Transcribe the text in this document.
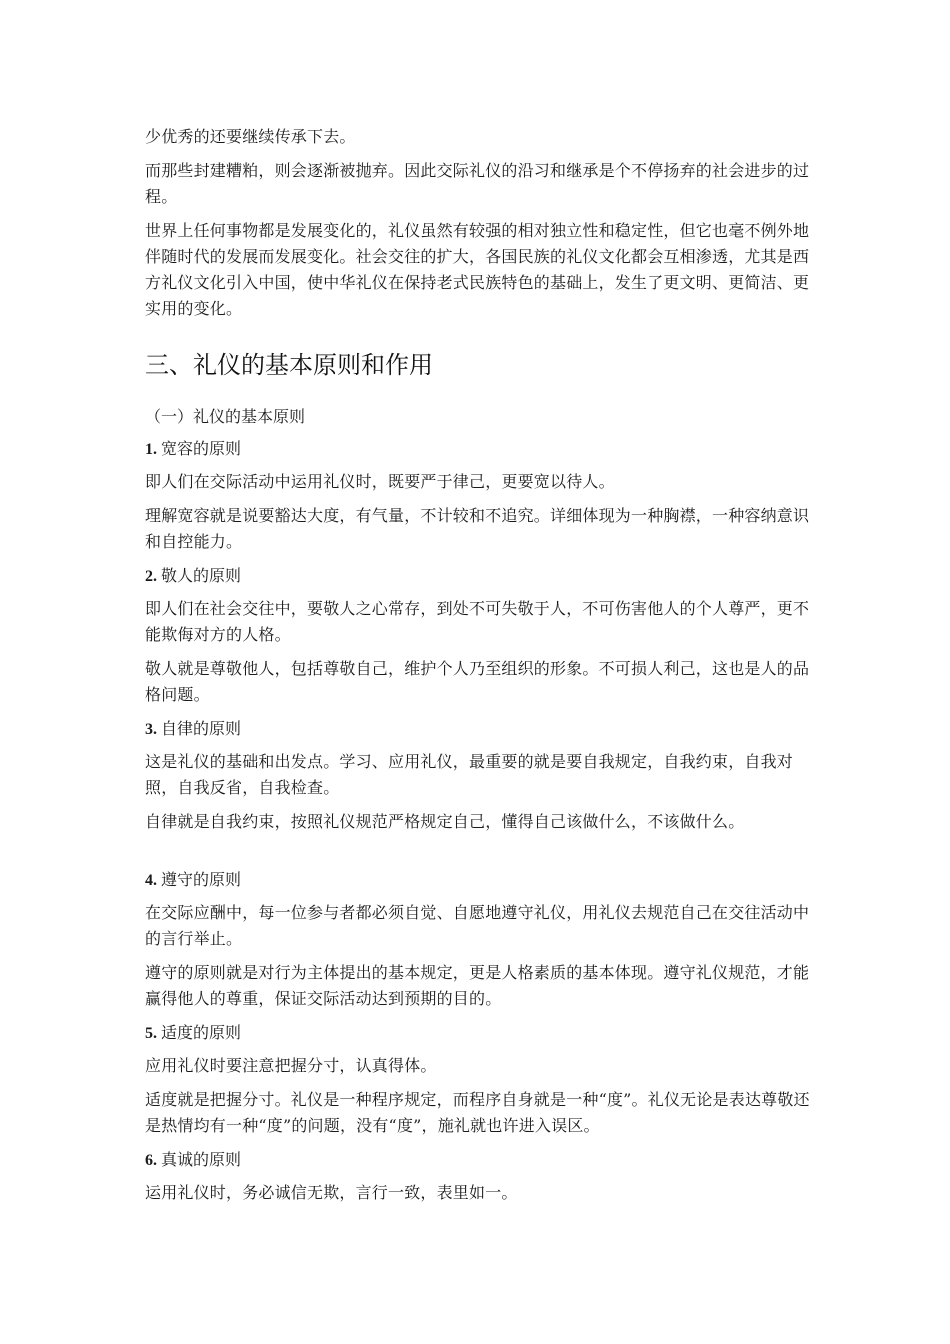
少优秀的还要继续传承下去。

而那些封建糟粕，则会逐渐被抛弃。因此交际礼仪的沿习和继承是个不停扬弃的社会进步的过程。

世界上任何事物都是发展变化的，礼仪虽然有较强的相对独立性和稳定性，但它也毫不例外地伴随时代的发展而发展变化。社会交往的扩大，各国民族的礼仪文化都会互相渗透，尤其是西方礼仪文化引入中国，使中华礼仪在保持老式民族特色的基础上，发生了更文明、更简洁、更实用的变化。

三、礼仪的基本原则和作用

（一）礼仪的基本原则

1. 宽容的原则

即人们在交际活动中运用礼仪时，既要严于律己，更要宽以待人。

理解宽容就是说要豁达大度，有气量，不计较和不追究。详细体现为一种胸襟，一种容纳意识和自控能力。

2. 敬人的原则

即人们在社会交往中，要敬人之心常存，到处不可失敬于人，不可伤害他人的个人尊严，更不能欺侮对方的人格。

敬人就是尊敬他人，包括尊敬自己，维护个人乃至组织的形象。不可损人利己，这也是人的品格问题。

3. 自律的原则

这是礼仪的基础和出发点。学习、应用礼仪，最重要的就是要自我规定，自我约束，自我对照，自我反省，自我检查。

自律就是自我约束，按照礼仪规范严格规定自己，懂得自己该做什么，不该做什么。

4. 遵守的原则

在交际应酬中，每一位参与者都必须自觉、自愿地遵守礼仪，用礼仪去规范自己在交往活动中的言行举止。

遵守的原则就是对行为主体提出的基本规定，更是人格素质的基本体现。遵守礼仪规范，才能赢得他人的尊重，保证交际活动达到预期的目的。

5. 适度的原则

应用礼仪时要注意把握分寸，认真得体。

适度就是把握分寸。礼仪是一种程序规定，而程序自身就是一种“度”。礼仪无论是表达尊敬还是热情均有一种“度”的问题，没有“度”，施礼就也许进入误区。

6. 真诚的原则

运用礼仪时，务必诚信无欺，言行一致，表里如一。
